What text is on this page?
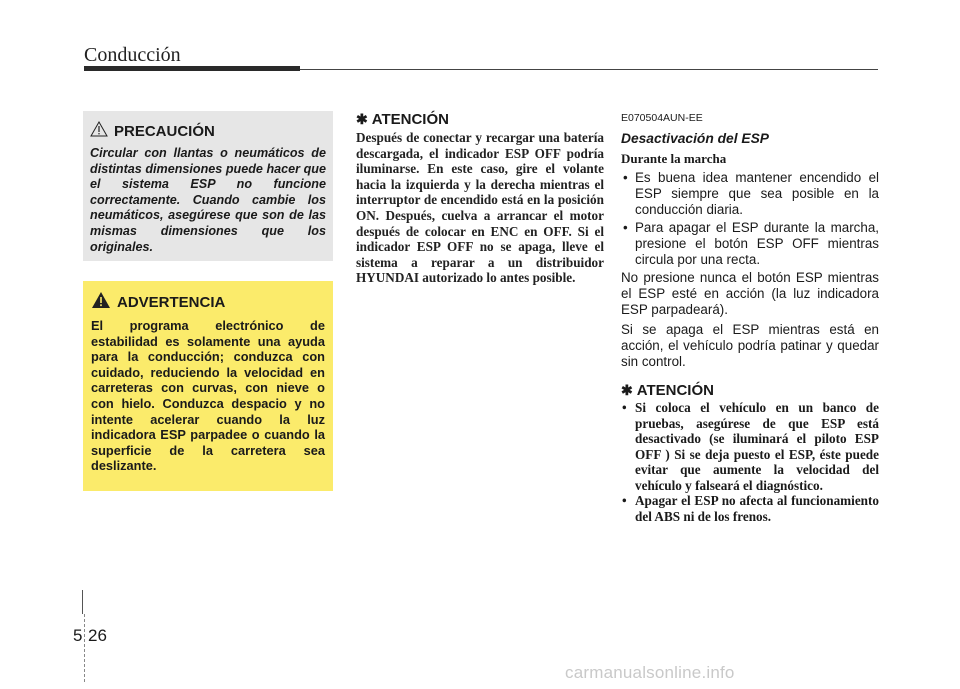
Conducción
PRECAUCIÓN
Circular con llantas o neumáticos de distintas dimensiones puede hacer que el sistema ESP no funcione correctamente. Cuando cambie los neumáticos, asegúrese que son de las mismas dimensiones que los originales.
ADVERTENCIA
El programa electrónico de estabilidad es solamente una ayuda para la conducción; conduzca con cuidado, reduciendo la velocidad en carreteras con curvas, con nieve o con hielo. Conduzca despacio y no intente acelerar cuando la luz indicadora ESP parpadee o cuando la superficie de la carretera sea deslizante.
✱ ATENCIÓN
Después de conectar y recargar una batería descargada, el indicador ESP OFF podría iluminarse. En este caso, gire el volante hacia la izquierda y la derecha mientras el interruptor de encendido está en la posición ON. Después, cuelva a arrancar el motor después de colocar en ENC en OFF. Si el indicador ESP OFF no se apaga, lleve el sistema a reparar a un distribuidor HYUNDAI autorizado lo antes posible.
E070504AUN-EE
Desactivación del ESP
Durante la marcha
• Es buena idea mantener encendido el ESP siempre que sea posible en la conducción diaria.
• Para apagar el ESP durante la marcha, presione el botón ESP OFF mientras circula por una recta.
No presione nunca el botón ESP mientras el ESP esté en acción (la luz indicadora ESP parpadeará).
Si se apaga el ESP mientras está en acción, el vehículo podría patinar y quedar sin control.
✱ ATENCIÓN
• Si coloca el vehículo en un banco de pruebas, asegúrese de que ESP está desactivado (se iluminará el piloto ESP OFF ) Si se deja puesto el ESP, éste puede evitar que aumente la velocidad del vehículo y falseará el diagnóstico.
• Apagar el ESP no afecta al funcionamiento del ABS ni de los frenos.
5 26
carmanualsonline.info
